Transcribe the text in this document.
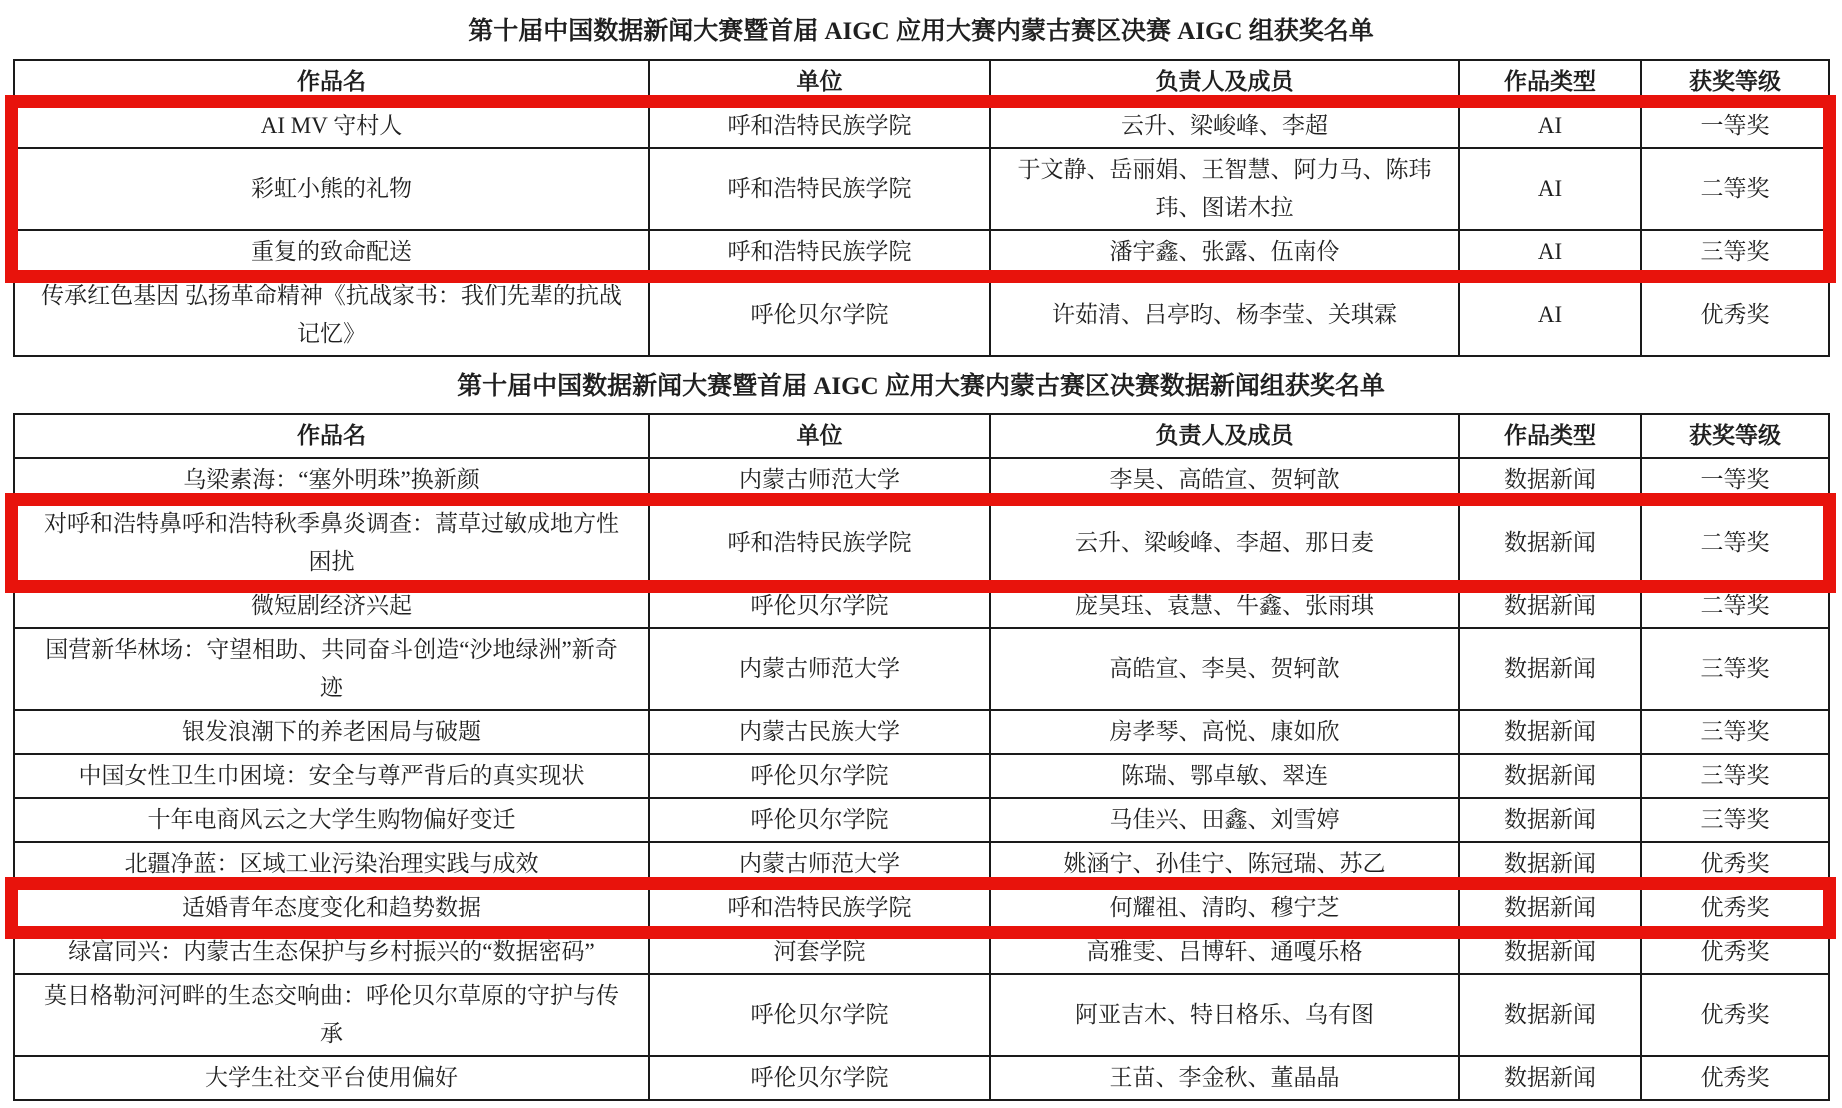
第十届中国数据新闻大赛暨首届 AIGC 应用大赛内蒙古赛区决赛 AIGC 组获奖名单
作品名	单位	负责人及成员	作品类型	获奖等级
AI MV 守村人	呼和浩特民族学院	云升、梁峻峰、李超	AI	一等奖
彩虹小熊的礼物	呼和浩特民族学院	于文静、岳丽娟、王智慧、阿力马、陈玮玮、图诺木拉	AI	二等奖
重复的致命配送	呼和浩特民族学院	潘宇鑫、张露、伍南伶	AI	三等奖
传承红色基因 弘扬革命精神《抗战家书：我们先辈的抗战记忆》	呼伦贝尔学院	许茹清、吕亭昀、杨李莹、关琪霖	AI	优秀奖
第十届中国数据新闻大赛暨首届 AIGC 应用大赛内蒙古赛区决赛数据新闻组获奖名单
作品名	单位	负责人及成员	作品类型	获奖等级
乌梁素海：“塞外明珠”换新颜	内蒙古师范大学	李昊、高皓宣、贺轲歆	数据新闻	一等奖
对呼和浩特鼻呼和浩特秋季鼻炎调查：蒿草过敏成地方性困扰	呼和浩特民族学院	云升、梁峻峰、李超、那日麦	数据新闻	二等奖
微短剧经济兴起	呼伦贝尔学院	庞昊珏、袁慧、牛鑫、张雨琪	数据新闻	二等奖
国营新华林场：守望相助、共同奋斗创造“沙地绿洲”新奇迹	内蒙古师范大学	高皓宣、李昊、贺轲歆	数据新闻	三等奖
银发浪潮下的养老困局与破题	内蒙古民族大学	房孝琴、高悦、康如欣	数据新闻	三等奖
中国女性卫生巾困境：安全与尊严背后的真实现状	呼伦贝尔学院	陈瑞、鄂卓敏、翠连	数据新闻	三等奖
十年电商风云之大学生购物偏好变迁	呼伦贝尔学院	马佳兴、田鑫、刘雪婷	数据新闻	三等奖
北疆净蓝：区域工业污染治理实践与成效	内蒙古师范大学	姚涵宁、孙佳宁、陈冠瑞、苏乙	数据新闻	优秀奖
适婚青年态度变化和趋势数据	呼和浩特民族学院	何耀祖、清昀、穆宁芝	数据新闻	优秀奖
绿富同兴：内蒙古生态保护与乡村振兴的“数据密码”	河套学院	高雅雯、吕博轩、通嘎乐格	数据新闻	优秀奖
莫日格勒河河畔的生态交响曲：呼伦贝尔草原的守护与传承	呼伦贝尔学院	阿亚吉木、特日格乐、乌有图	数据新闻	优秀奖
大学生社交平台使用偏好	呼伦贝尔学院	王苗、李金秋、董晶晶	数据新闻	优秀奖
